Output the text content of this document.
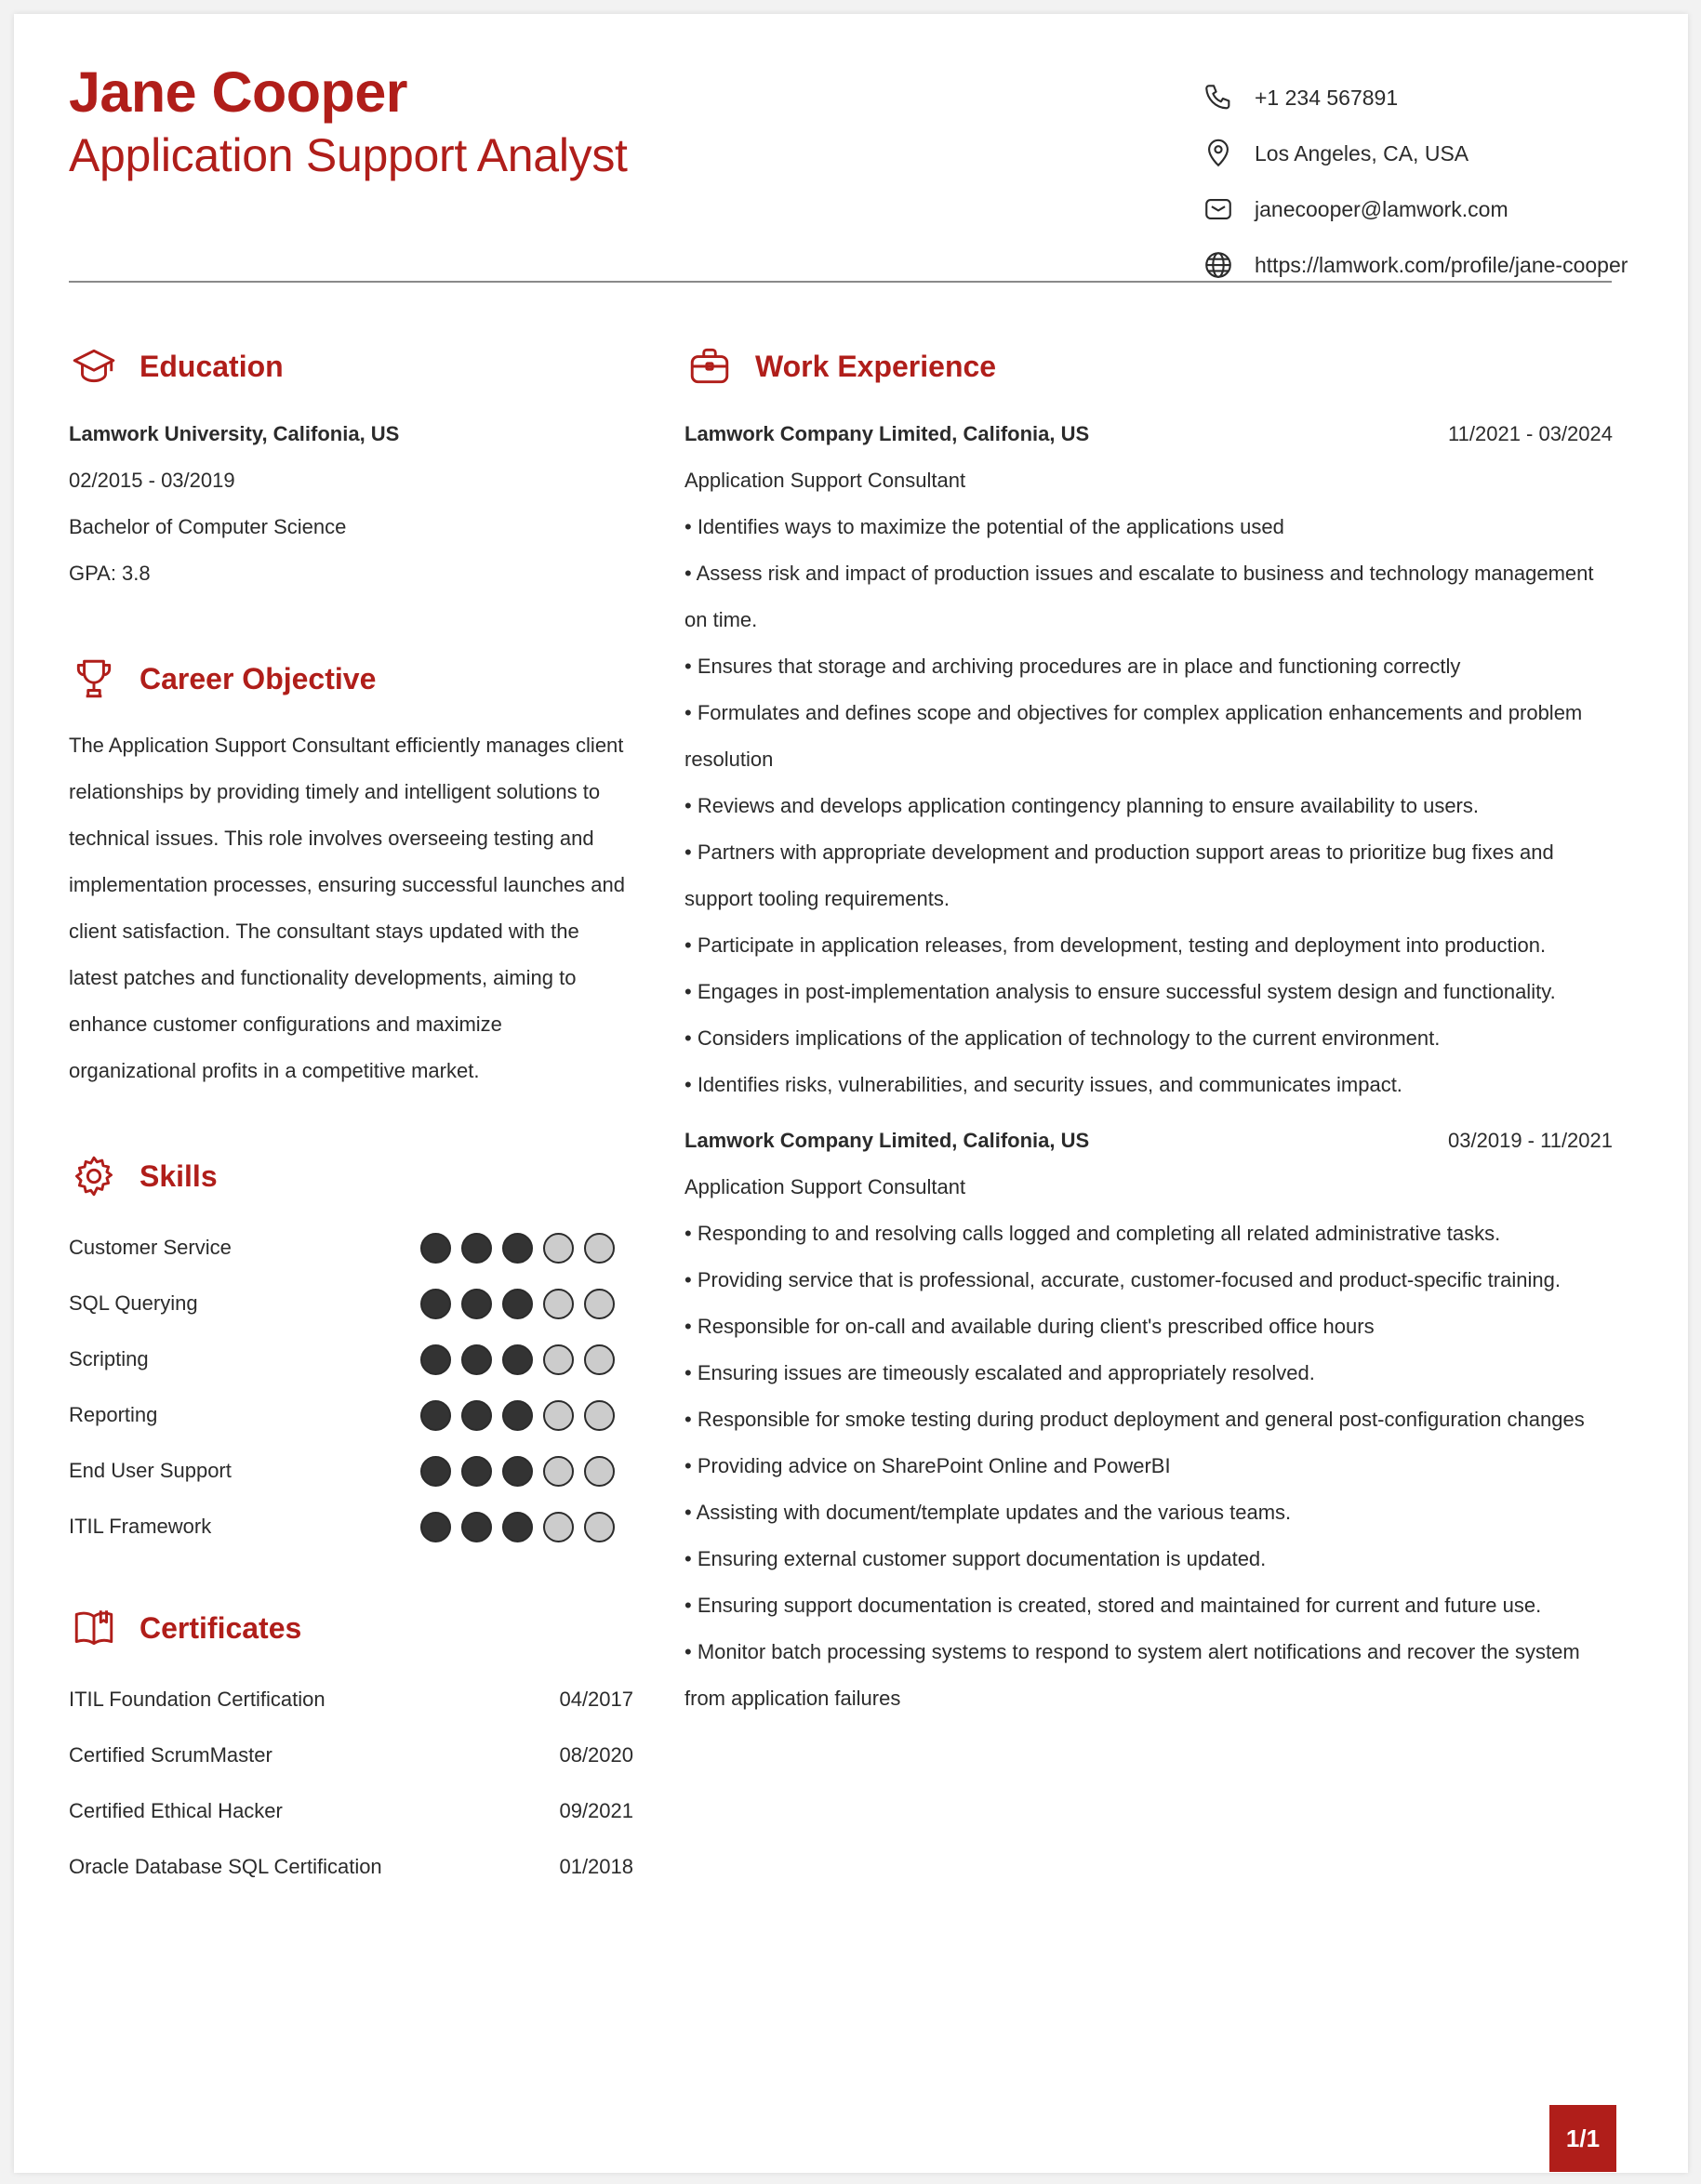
Jane Cooper
Application Support Analyst
+1 234 567891
Los Angeles, CA, USA
janecooper@lamwork.com
https://lamwork.com/profile/jane-cooper
Education
Lamwork University, Califonia, US
02/2015 - 03/2019
Bachelor of Computer Science
GPA: 3.8
Career Objective
The Application Support Consultant efficiently manages client relationships by providing timely and intelligent solutions to technical issues. This role involves overseeing testing and implementation processes, ensuring successful launches and client satisfaction. The consultant stays updated with the latest patches and functionality developments, aiming to enhance customer configurations and maximize organizational profits in a competitive market.
Skills
Customer Service
SQL Querying
Scripting
Reporting
End User Support
ITIL Framework
Certificates
ITIL Foundation Certification	04/2017
Certified ScrumMaster	08/2020
Certified Ethical Hacker	09/2021
Oracle Database SQL Certification	01/2018
Work Experience
Lamwork Company Limited, Califonia, US	11/2021 - 03/2024
Application Support Consultant
• Identifies ways to maximize the potential of the applications used
• Assess risk and impact of production issues and escalate to business and technology management on time.
• Ensures that storage and archiving procedures are in place and functioning correctly
• Formulates and defines scope and objectives for complex application enhancements and problem resolution
• Reviews and develops application contingency planning to ensure availability to users.
• Partners with appropriate development and production support areas to prioritize bug fixes and support tooling requirements.
• Participate in application releases, from development, testing and deployment into production.
• Engages in post-implementation analysis to ensure successful system design and functionality.
• Considers implications of the application of technology to the current environment.
• Identifies risks, vulnerabilities, and security issues, and communicates impact.
Lamwork Company Limited, Califonia, US	03/2019 - 11/2021
Application Support Consultant
• Responding to and resolving calls logged and completing all related administrative tasks.
• Providing service that is professional, accurate, customer-focused and product-specific training.
• Responsible for on-call and available during client's prescribed office hours
• Ensuring issues are timeously escalated and appropriately resolved.
• Responsible for smoke testing during product deployment and general post-configuration changes
• Providing advice on SharePoint Online and PowerBI
• Assisting with document/template updates and the various teams.
• Ensuring external customer support documentation is updated.
• Ensuring support documentation is created, stored and maintained for current and future use.
• Monitor batch processing systems to respond to system alert notifications and recover the system from application failures
1/1
